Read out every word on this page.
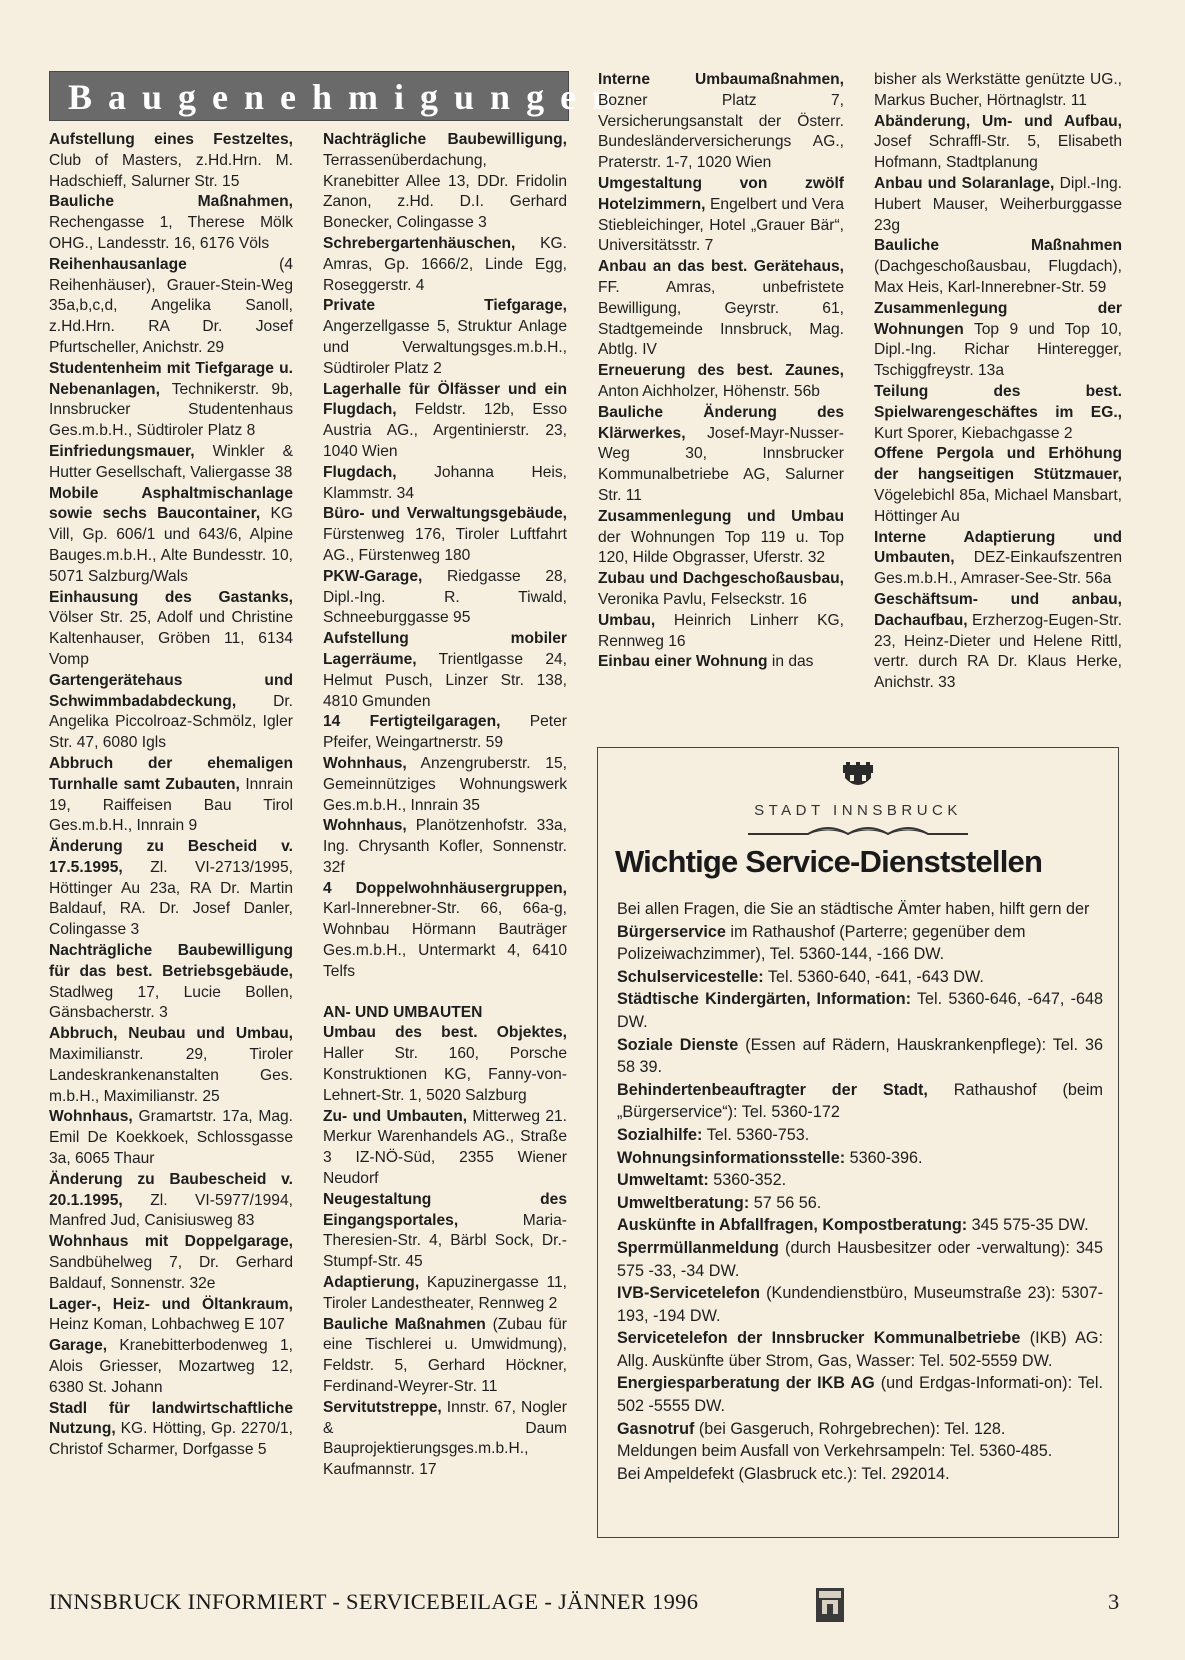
Baugenehmigungen

Aufstellung eines Festzeltes, Club of Masters, z.Hd.Hrn. M. Hadschieff, Salurner Str. 15

Bauliche Maßnahmen, Rechengasse 1, Therese Mölk OHG., Landesstr. 16, 6176 Völs

Reihenhausanlage (4 Reihenhäuser), Grauer-Stein-Weg 35a,b,c,d, Angelika Sanoll, z.Hd.Hrn. RA Dr. Josef Pfurtscheller, Anichstr. 29

Studentenheim mit Tiefgarage u. Nebenanlagen, Technikerstr. 9b, Innsbrucker Studentenhaus Ges.m.b.H., Südtiroler Platz 8

Einfriedungsmauer, Winkler & Hutter Gesellschaft, Valiergasse 38

Mobile Asphaltmischanlage sowie sechs Baucontainer, KG Vill, Gp. 606/1 und 643/6, Alpine Bauges.m.b.H., Alte Bundesstr. 10, 5071 Salzburg/Wals

Einhausung des Gastanks, Völser Str. 25, Adolf und Christine Kaltenhauser, Gröben 11, 6134 Vomp

Gartengerätehaus und Schwimmbadabdeckung, Dr. Angelika Piccolroaz-Schmölz, Igler Str. 47, 6080 Igls

Abbruch der ehemaligen Turnhalle samt Zubauten, Innrain 19, Raiffeisen Bau Tirol Ges.m.b.H., Innrain 9

Änderung zu Bescheid v. 17.5.1995, Zl. VI-2713/1995, Höttinger Au 23a, RA Dr. Martin Baldauf, RA. Dr. Josef Danler, Colingasse 3

Nachträgliche Baubewilligung für das best. Betriebsgebäude, Stadlweg 17, Lucie Bollen, Gänsbacherstr. 3

Abbruch, Neubau und Umbau, Maximilianstr. 29, Tiroler Landeskrankenanstalten Ges. m.b.H., Maximilianstr. 25

Wohnhaus, Gramartstr. 17a, Mag. Emil De Koekkoek, Schlossgasse 3a, 6065 Thaur

Änderung zu Baubescheid v. 20.1.1995, Zl. VI-5977/1994, Manfred Jud, Canisiusweg 83

Wohnhaus mit Doppelgarage, Sandbühelweg 7, Dr. Gerhard Baldauf, Sonnenstr. 32e

Lager-, Heiz- und Öltankraum, Heinz Koman, Lohbachweg E 107

Garage, Kranebitterbodenweg 1, Alois Griesser, Mozartweg 12, 6380 St. Johann

Stadl für landwirtschaftliche Nutzung, KG. Hötting, Gp. 2270/1, Christof Scharmer, Dorfgasse 5

Nachträgliche Baubewilligung, Terrassenüberdachung, Kranebitter Allee 13, DDr. Fridolin Zanon, z.Hd. D.I. Gerhard Bonecker, Colingasse 3

Schrebergartenhäuschen, KG. Amras, Gp. 1666/2, Linde Egg, Roseggerstr. 4

Private Tiefgarage, Angerzellgasse 5, Struktur Anlage und Verwaltungsges.m.b.H., Südtiroler Platz 2

Lagerhalle für Ölfässer und ein Flugdach, Feldstr. 12b, Esso Austria AG., Argentinierstr. 23, 1040 Wien

Flugdach, Johanna Heis, Klammstr. 34

Büro- und Verwaltungsgebäude, Fürstenweg 176, Tiroler Luftfahrt AG., Fürstenweg 180

PKW-Garage, Riedgasse 28, Dipl.-Ing. R. Tiwald, Schneeburggasse 95

Aufstellung mobiler Lagerräume, Trientlgasse 24, Helmut Pusch, Linzer Str. 138, 4810 Gmunden

14 Fertigteilgaragen, Peter Pfeifer, Weingartnerstr. 59

Wohnhaus, Anzengruberstr. 15, Gemeinnütziges Wohnungswerk Ges.m.b.H., Innrain 35

Wohnhaus, Planötzenhofstr. 33a, Ing. Chrysanth Kofler, Sonnenstr. 32f

4 Doppelwohnhäusergruppen, Karl-Innerebner-Str. 66, 66a-g, Wohnbau Hörmann Bauträger Ges.m.b.H., Untermarkt 4, 6410 Telfs

AN- UND UMBAUTEN

Umbau des best. Objektes, Haller Str. 160, Porsche Konstruktionen KG, Fanny-von-Lehnert-Str. 1, 5020 Salzburg

Zu- und Umbauten, Mitterweg 21. Merkur Warenhandels AG., Straße 3 IZ-NÖ-Süd, 2355 Wiener Neudorf

Neugestaltung des Eingangsportales, Maria-Theresien-Str. 4, Bärbl Sock, Dr.-Stumpf-Str. 45

Adaptierung, Kapuzinergasse 11, Tiroler Landestheater, Rennweg 2

Bauliche Maßnahmen (Zubau für eine Tischlerei u. Umwidmung), Feldstr. 5, Gerhard Höckner, Ferdinand-Weyrer-Str. 11

Servitutstreppe, Innstr. 67, Nogler & Daum Bauprojektierungsges.m.b.H., Kaufmannstr. 17

Interne Umbaumaßnahmen, Bozner Platz 7, Versicherungsanstalt der Österr. Bundesländerversicherungs AG., Praterstr. 1-7, 1020 Wien

Umgestaltung von zwölf Hotelzimmern, Engelbert und Vera Stiebleichinger, Hotel „Grauer Bär“, Universitätsstr. 7

Anbau an das best. Gerätehaus, FF. Amras, unbefristete Bewilligung, Geyrstr. 61, Stadtgemeinde Innsbruck, Mag. Abtlg. IV

Erneuerung des best. Zaunes, Anton Aichholzer, Höhenstr. 56b

Bauliche Änderung des Klärwerkes, Josef-Mayr-Nusser-Weg 30, Innsbrucker Kommunalbetriebe AG, Salurner Str. 11

Zusammenlegung und Umbau der Wohnungen Top 119 u. Top 120, Hilde Obgrasser, Uferstr. 32

Zubau und Dachgeschoßausbau, Veronika Pavlu, Felseckstr. 16

Umbau, Heinrich Linherr KG, Rennweg 16

Einbau einer Wohnung in das

bisher als Werkstätte genützte UG., Markus Bucher, Hörtnaglstr. 11

Abänderung, Um- und Aufbau, Josef Schraffl-Str. 5, Elisabeth Hofmann, Stadtplanung

Anbau und Solaranlage, Dipl.-Ing. Hubert Mauser, Weiherburggasse 23g

Bauliche Maßnahmen (Dachgeschoßausbau, Flugdach), Max Heis, Karl-Innerebner-Str. 59

Zusammenlegung der Wohnungen Top 9 und Top 10, Dipl.-Ing. Richar Hinteregger, Tschiggfreystr. 13a

Teilung des best. Spielwarengeschäftes im EG., Kurt Sporer, Kiebachgasse 2

Offene Pergola und Erhöhung der hangseitigen Stützmauer, Vögelebichl 85a, Michael Mansbart, Höttinger Au

Interne Adaptierung und Umbauten, DEZ-Einkaufszentren Ges.m.b.H., Amraser-See-Str. 56a

Geschäftsum- und anbau, Dachaufbau, Erzherzog-Eugen-Str. 23, Heinz-Dieter und Helene Rittl, vertr. durch RA Dr. Klaus Herke, Anichstr. 33

STADT INNSBRUCK
Wichtige Service-Dienststellen

Bei allen Fragen, die Sie an städtische Ämter haben, hilft gern der Bürgerservice im Rathaushof (Parterre; gegenüber dem Polizeiwachzimmer), Tel. 5360-144, -166 DW.

Schulservicestelle: Tel. 5360-640, -641, -643 DW.

Städtische Kindergärten, Information: Tel. 5360-646, -647, -648 DW.

Soziale Dienste (Essen auf Rädern, Hauskrankenpflege): Tel. 36 58 39.

Behindertenbeauftragter der Stadt, Rathaushof (beim „Bürgerservice“): Tel. 5360-172

Sozialhilfe: Tel. 5360-753.

Wohnungsinformationsstelle: 5360-396.

Umweltamt: 5360-352.

Umweltberatung: 57 56 56.

Auskünfte in Abfallfragen, Kompostberatung: 345 575-35 DW.

Sperrmüllanmeldung (durch Hausbesitzer oder -verwaltung): 345 575 -33, -34 DW.

IVB-Servicetelefon (Kundendienstbüro, Museumstraße 23): 5307-193, -194 DW.

Servicetelefon der Innsbrucker Kommunalbetriebe (IKB) AG: Allg. Auskünfte über Strom, Gas, Wasser: Tel. 502-5559 DW.

Energiesparberatung der IKB AG (und Erdgas-Informati-on): Tel. 502 -5555 DW.

Gasnotruf (bei Gasgeruch, Rohrgebrechen): Tel. 128.

Meldungen beim Ausfall von Verkehrsampeln: Tel. 5360-485.

Bei Ampeldefekt (Glasbruck etc.): Tel. 292014.

INNSBRUCK INFORMIERT - SERVICEBEILAGE - JÄNNER 1996	3
